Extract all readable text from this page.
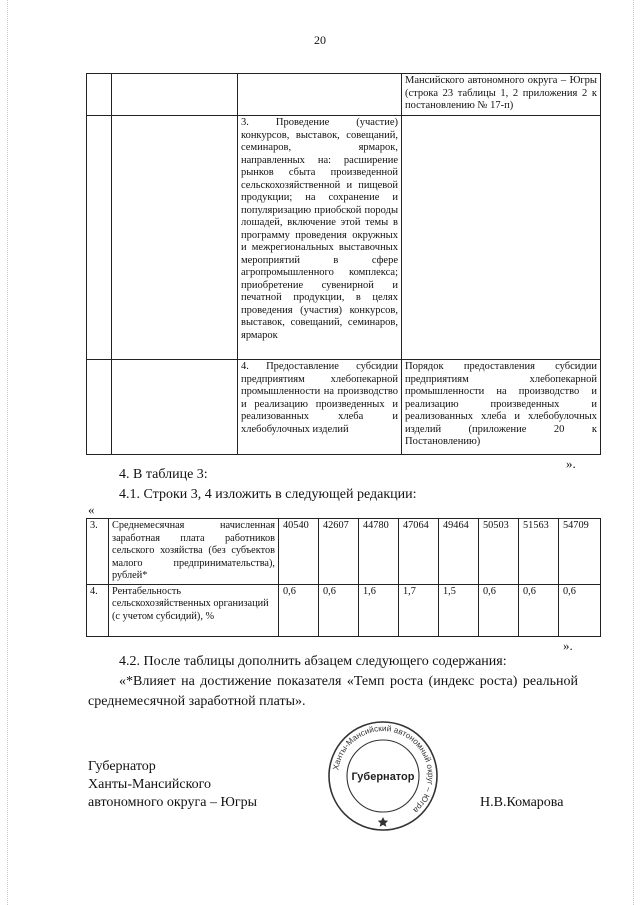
20
			Мансийского автономного округа – Югры (строка 23 таблицы 1, 2 приложения 2 к постановлению № 17-п)
		3. Проведение (участие) конкурсов, выставок, совещаний, семинаров, ярмарок, направленных на: расширение рынков сбыта произведенной сельскохозяйственной и пищевой продукции; на сохранение и популяризацию приобской породы лошадей, включение этой темы в программу проведения окружных и межрегиональных выставочных мероприятий в сфере агропромышленного комплекса; приобретение сувенирной и печатной продукции, в целях проведения (участия) конкурсов, выставок, совещаний, семинаров, ярмарок	
		4. Предоставление субсидии предприятиям хлебопекарной промышленности на производство и реализацию произведенных и реализованных хлеба и хлебобулочных изделий	Порядок предоставления субсидии предприятиям хлебопекарной промышленности на производство и реализацию произведенных и реализованных хлеба и хлебобулочных изделий (приложение 20 к Постановлению)
».
4. В таблице 3:
4.1. Строки 3, 4 изложить в следующей редакции:
«
3.	Среднемесячная начисленная заработная плата работников сельского хозяйства (без субъектов малого предпринимательства), рублей*	40540	42607	44780	47064	49464	50503	51563	54709
4.	Рентабельность сельскохозяйственных организаций (с учетом субсидий), %	0,6	0,6	1,6	1,7	1,5	0,6	0,6	0,6
».
4.2. После таблицы дополнить абзацем следующего содержания:
«*Влияет на достижение показателя «Темп роста (индекс роста) реальной среднемесячной заработной платы».
Губернатор
Ханты-Мансийского
автономного округа – Югры	Н.В.Комарова
Ханты-Мансийский автономный округ – Югра
Губернатор
